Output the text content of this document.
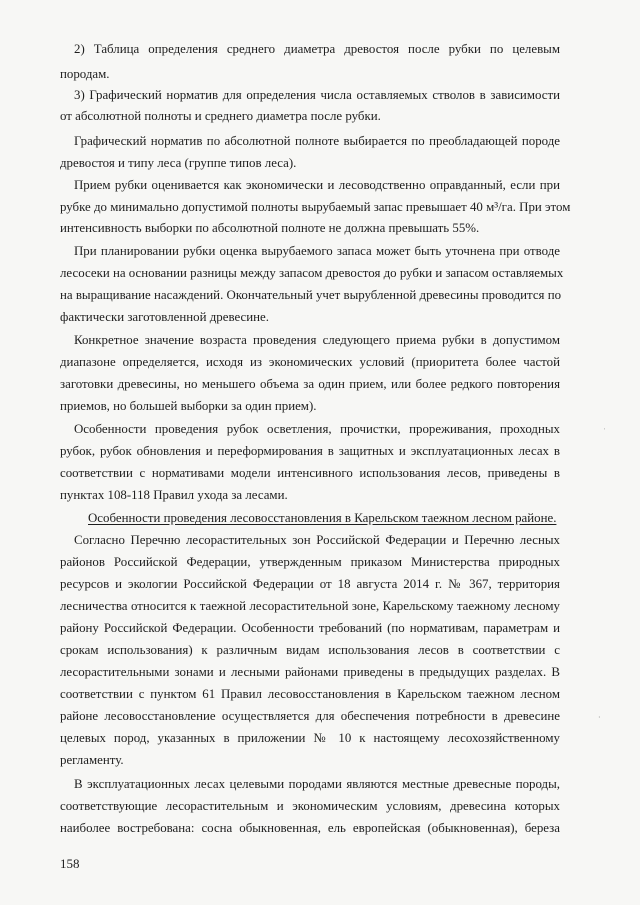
2) Таблица определения среднего диаметра древостоя после рубки по целевым
породам.
3) Графический норматив для определения числа оставляемых стволов в зависимости
от абсолютной полноты и среднего диаметра после рубки.
Графический норматив по абсолютной полноте выбирается по преобладающей породе
древостоя и типу леса (группе типов леса).
Прием рубки оценивается как экономически и лесоводственно оправданный, если при
рубке до минимально допустимой полноты вырубаемый запас превышает 40 м³/га. При этом
интенсивность выборки по абсолютной полноте не должна превышать 55%.
При планировании рубки оценка вырубаемого запаса может быть уточнена при отводе
лесосеки на основании разницы между запасом древостоя до рубки и запасом оставляемых
на выращивание насаждений. Окончательный учет вырубленной древесины проводится по
фактически заготовленной древесине.
Конкретное значение возраста проведения следующего приема рубки в допустимом
диапазоне определяется, исходя из экономических условий (приоритета более частой
заготовки древесины, но меньшего объема за один прием, или более редкого повторения
приемов, но большей выборки за один прием).
Особенности проведения рубок осветления, прочистки, прореживания, проходных
рубок, рубок обновления и переформирования в защитных и эксплуатационных лесах в
соответствии с нормативами модели интенсивного использования лесов, приведены в
пунктах 108-118 Правил ухода за лесами.
Особенности проведения лесовосстановления в Карельском таежном лесном районе.
Согласно Перечню лесорастительных зон Российской Федерации и Перечню лесных
районов Российской Федерации, утвержденным приказом Министерства природных
ресурсов и экологии Российской Федерации от 18 августа 2014 г. № 367, территория
лесничества относится к таежной лесорастительной зоне, Карельскому таежному лесному
району Российской Федерации. Особенности требований (по нормативам, параметрам и
срокам использования) к различным видам использования лесов в соответствии с
лесорастительными зонами и лесными районами приведены в предыдущих разделах. В
соответствии с пунктом 61 Правил лесовосстановления в Карельском таежном лесном
районе лесовосстановление осуществляется для обеспечения потребности в древесине
целевых пород, указанных в приложении № 10 к настоящему лесохозяйственному
регламенту.
В эксплуатационных лесах целевыми породами являются местные древесные породы,
соответствующие лесорастительным и экономическим условиям, древесина которых
наиболее востребована: сосна обыкновенная, ель европейская (обыкновенная), береза
158
ˈ
·
